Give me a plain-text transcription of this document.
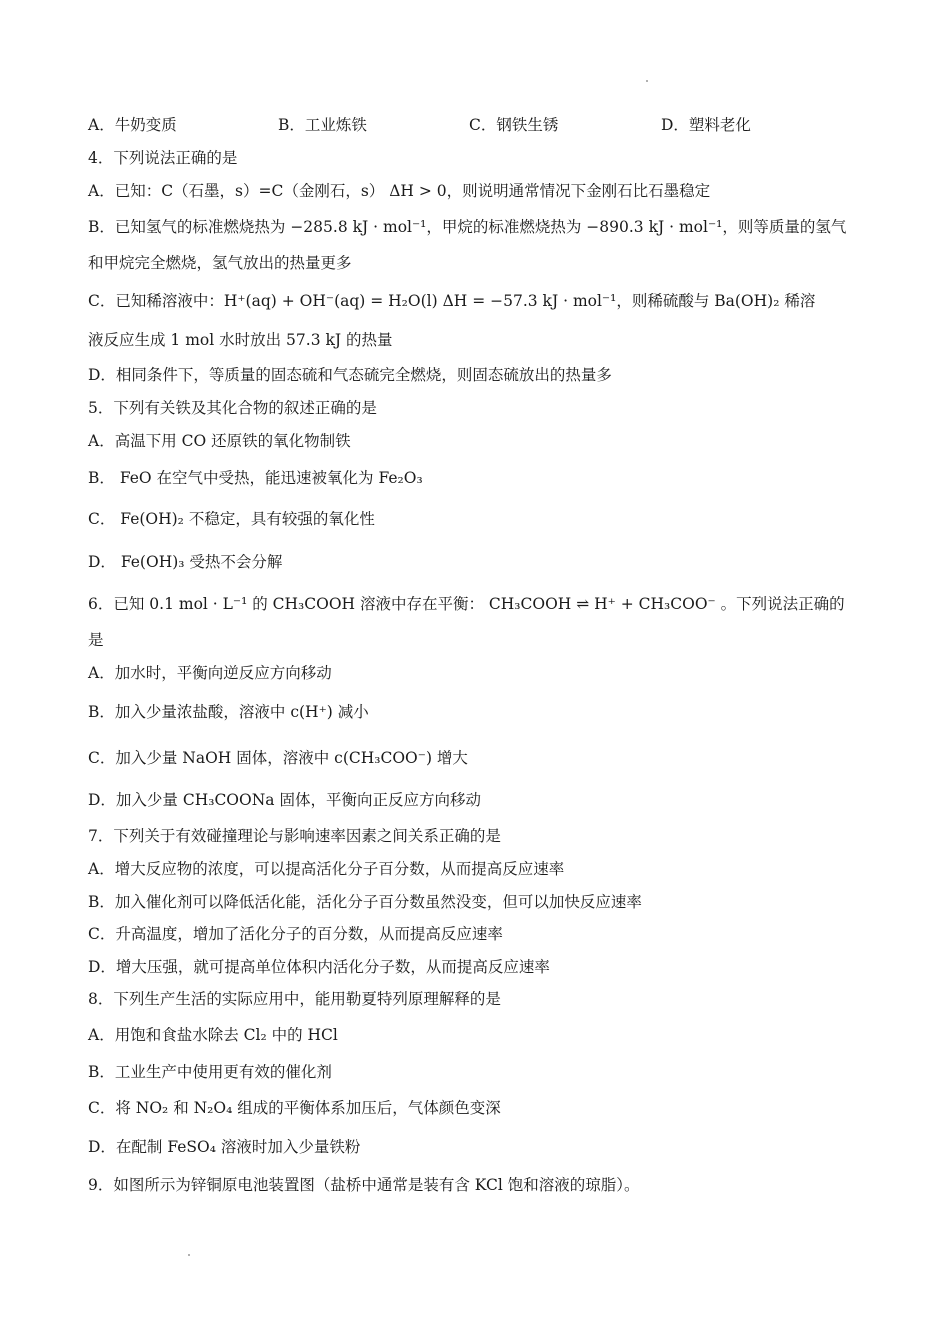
A．牛奶变质	B．工业炼铁	C．钢铁生锈	D．塑料老化
4．下列说法正确的是
A．已知：C（石墨，s）=C（金刚石，s） ΔH > 0，则说明通常情况下金刚石比石墨稳定
B．已知氢气的标准燃烧热为 −285.8 kJ · mol⁻¹，甲烷的标准燃烧热为 −890.3 kJ · mol⁻¹，则等质量的氢气
和甲烷完全燃烧，氢气放出的热量更多
C．已知稀溶液中：H⁺(aq) + OH⁻(aq) = H₂O(l) ΔH = −57.3 kJ · mol⁻¹，则稀硫酸与 Ba(OH)₂ 稀溶
液反应生成 1 mol 水时放出 57.3 kJ 的热量
D．相同条件下，等质量的固态硫和气态硫完全燃烧，则固态硫放出的热量多
5．下列有关铁及其化合物的叙述正确的是
A．高温下用 CO 还原铁的氧化物制铁
B． FeO 在空气中受热，能迅速被氧化为 Fe₂O₃
C． Fe(OH)₂ 不稳定，具有较强的氧化性
D． Fe(OH)₃ 受热不会分解
6．已知 0.1 mol · L⁻¹ 的 CH₃COOH 溶液中存在平衡： CH₃COOH ⇌ H⁺ + CH₃COO⁻ 。下列说法正确的
是
A．加水时，平衡向逆反应方向移动
B．加入少量浓盐酸，溶液中 c(H⁺) 减小
C．加入少量 NaOH 固体，溶液中 c(CH₃COO⁻) 增大
D．加入少量 CH₃COONa 固体，平衡向正反应方向移动
7．下列关于有效碰撞理论与影响速率因素之间关系正确的是
A．增大反应物的浓度，可以提高活化分子百分数，从而提高反应速率
B．加入催化剂可以降低活化能，活化分子百分数虽然没变，但可以加快反应速率
C．升高温度，增加了活化分子的百分数，从而提高反应速率
D．增大压强，就可提高单位体积内活化分子数，从而提高反应速率
8．下列生产生活的实际应用中，能用勒夏特列原理解释的是
A．用饱和食盐水除去 Cl₂ 中的 HCl
B．工业生产中使用更有效的催化剂
C．将 NO₂ 和 N₂O₄ 组成的平衡体系加压后，气体颜色变深
D．在配制 FeSO₄ 溶液时加入少量铁粉
9．如图所示为锌铜原电池装置图（盐桥中通常是装有含 KCl 饱和溶液的琼脂）。
